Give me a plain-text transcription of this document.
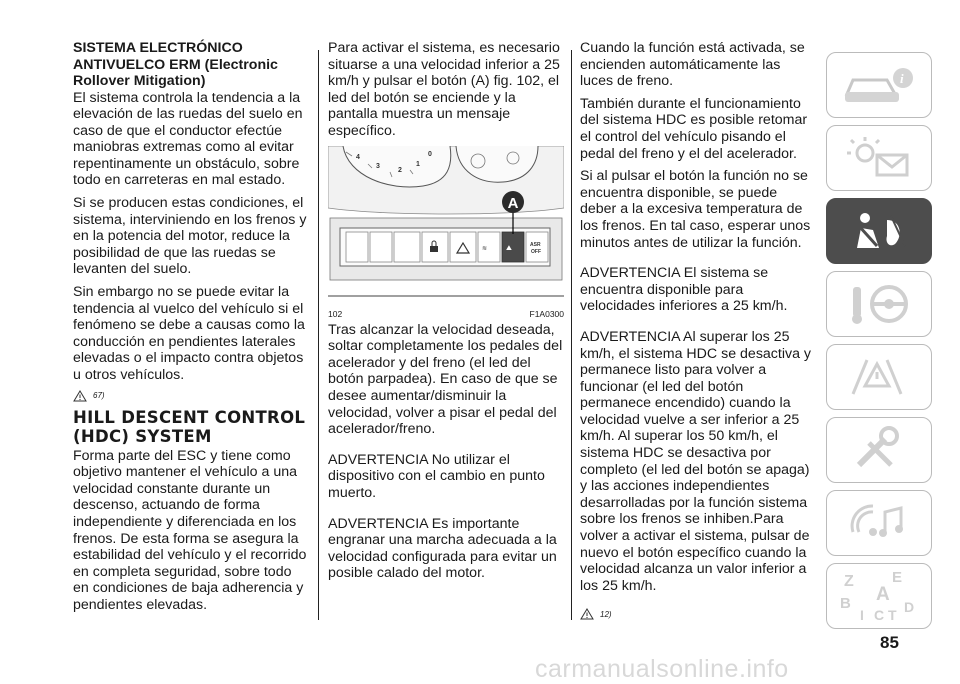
SISTEMA ELECTRÓNICO ANTIVUELCO ERM (Electronic Rollover Mitigation)

El sistema controla la tendencia a la elevación de las ruedas del suelo en caso de que el conductor efectúe maniobras extremas como al evitar repentinamente un obstáculo, sobre todo en carreteras en mal estado.

Si se producen estas condiciones, el sistema, interviniendo en los frenos y en la potencia del motor, reduce la posibilidad de que las ruedas se levanten del suelo.

Sin embargo no se puede evitar la tendencia al vuelco del vehículo si el fenómeno se debe a causas como la conducción en pendientes laterales elevadas o el impacto contra objetos u otros vehículos.

67)
HILL DESCENT CONTROL (HDC) SYSTEM

Forma parte del ESC y tiene como objetivo mantener el vehículo a una velocidad constante durante un descenso, actuando de forma independiente y diferenciada en los frenos. De esta forma se asegura la estabilidad del vehículo y el recorrido en completa seguridad, sobre todo en condiciones de baja adherencia y pendientes elevadas.

Para activar el sistema, es necesario situarse a una velocidad inferior a 25 km/h y pulsar el botón (A) fig. 102, el led del botón se enciende y la pantalla muestra un mensaje específico.

4
3
2
1
0
≋	⛰	ASR
OFF
A
102	F1A0300

Tras alcanzar la velocidad deseada, soltar completamente los pedales del acelerador y del freno (el led del botón parpadea). En caso de que se desee aumentar/disminuir la velocidad, volver a pisar el pedal del acelerador/freno.

ADVERTENCIA No utilizar el dispositivo con el cambio en punto muerto.

ADVERTENCIA Es importante engranar una marcha adecuada a la velocidad configurada para evitar un posible calado del motor.

Cuando la función está activada, se encienden automáticamente las luces de freno.

También durante el funcionamiento del sistema HDC es posible retomar el control del vehículo pisando el pedal del freno y el del acelerador.

Si al pulsar el botón la función no se encuentra disponible, se puede deber a la excesiva temperatura de los frenos. En tal caso, esperar unos minutos antes de utilizar la función.

ADVERTENCIA El sistema se encuentra disponible para velocidades inferiores a 25 km/h.

ADVERTENCIA Al superar los 25 km/h, el sistema HDC se desactiva y permanece listo para volver a funcionar (el led del botón permanece encendido) cuando la velocidad vuelve a ser inferior a 25 km/h. Al superar los 50 km/h, el sistema HDC se desactiva por completo (el led del botón se apaga) y las acciones independientes desarrolladas por la función sistema sobre los frenos se inhiben.Para volver a activar el sistema, pulsar de nuevo el botón específico cuando la velocidad alcanza un valor inferior a los 25 km/h.

12)
i
Z	E
A
B
I C T D
85
carmanualsonline.info
